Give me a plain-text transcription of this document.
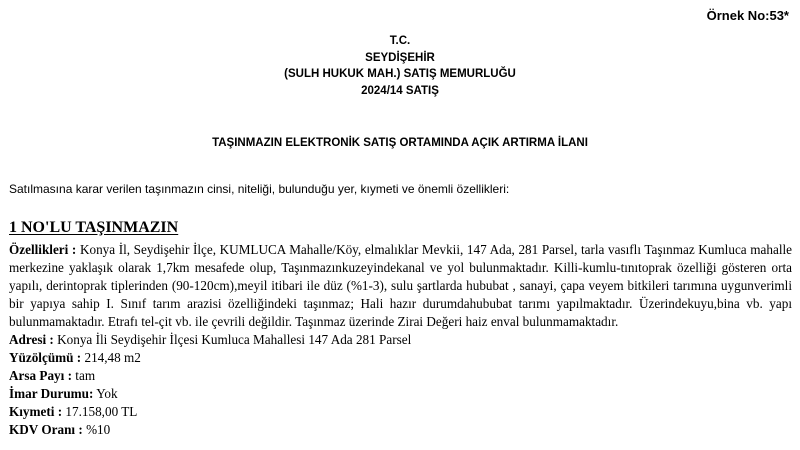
Örnek No:53*
T.C.
SEYDİŞEHİR
(SULH HUKUK MAH.) SATIŞ MEMURLUĞU
2024/14 SATIŞ
TAŞINMAZIN ELEKTRONİK SATIŞ ORTAMINDA AÇIK ARTIRMA İLANI
Satılmasına karar verilen taşınmazın cinsi, niteliği, bulunduğu yer, kıymeti ve önemli özellikleri:
1 NO'LU TAŞINMAZIN

Özellikleri : Konya İl, Seydişehir İlçe, KUMLUCA Mahalle/Köy, elmalıklar Mevkii, 147 Ada, 281 Parsel, tarla vasıflı Taşınmaz Kumluca mahalle merkezine yaklaşık olarak 1,7km mesafede olup, Taşınmazınkuzeyindekanal ve yol bulunmaktadır. Killi-kumlu-tınıtoprak özelliği gösteren orta yapılı, derintoprak tiplerinden (90-120cm),meyil itibari ile düz (%1-3), sulu şartlarda hububat , sanayi, çapa veyem bitkileri tarımına uygunverimli bir yapıya sahip I. Sınıf tarım arazisi özelliğindeki taşınmaz; Hali hazır durumdahububat tarımı yapılmaktadır. Üzerindekuyu,bina vb. yapı bulunmamaktadır. Etrafı tel-çit vb. ile çevrili değildir. Taşınmaz üzerinde Zirai Değeri haiz enval bulunmamaktadır.

Adresi : Konya İli Seydişehir İlçesi Kumluca Mahallesi 147 Ada 281 Parsel

Yüzölçümü : 214,48 m2

Arsa Payı : tam

İmar Durumu: Yok

Kıymeti : 17.158,00 TL

KDV Oranı : %10
